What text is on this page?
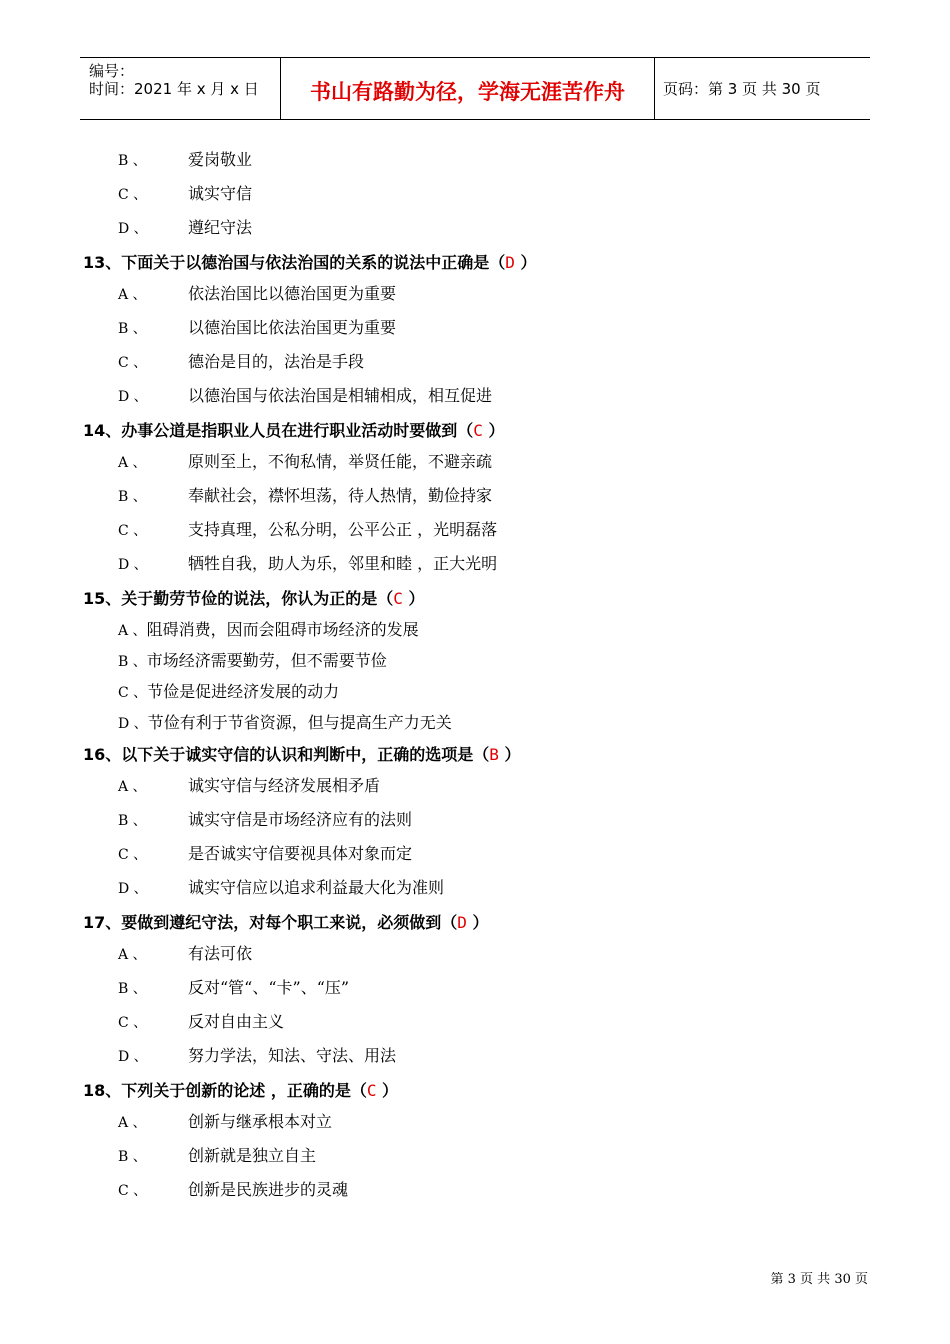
编号：
时间：2021 年 x 月 x 日	书山有路勤为径，学海无涯苦作舟	页码：第 3 页 共 30 页
B 、	爱岗敬业
C 、	诚实守信
D 、	遵纪守法
13、下面关于以德治国与依法治国的关系的说法中正确是（D ）
A 、	依法治国比以德治国更为重要
B 、	以德治国比依法治国更为重要
C 、	德治是目的，法治是手段
D 、	以德治国与依法治国是相辅相成，相互促进
14、办事公道是指职业人员在进行职业活动时要做到（C ）
A 、	原则至上，不徇私情，举贤任能，不避亲疏
B 、	奉献社会，襟怀坦荡，待人热情，勤俭持家
C 、	支持真理，公私分明，公平公正 ，光明磊落
D 、	牺牲自我，助人为乐，邻里和睦 ，正大光明
15、关于勤劳节俭的说法，你认为正的是（C ）
A 、阻碍消费，因而会阻碍市场经济的发展
B 、市场经济需要勤劳，但不需要节俭
C 、节俭是促进经济发展的动力
D 、节俭有利于节省资源，但与提高生产力无关
16、以下关于诚实守信的认识和判断中，正确的选项是（B ）
A 、	诚实守信与经济发展相矛盾
B 、	诚实守信是市场经济应有的法则
C 、	是否诚实守信要视具体对象而定
D 、	诚实守信应以追求利益最大化为准则
17、要做到遵纪守法，对每个职工来说，必须做到（D ）
A 、	有法可依
B 、	反对“管“、“卡”、“压”
C 、	反对自由主义
D 、	努力学法，知法、守法、用法
18、下列关于创新的论述 ，正确的是（C ）
A 、	创新与继承根本对立
B 、	创新就是独立自主
C 、	创新是民族进步的灵魂
第 3 页 共 30 页
